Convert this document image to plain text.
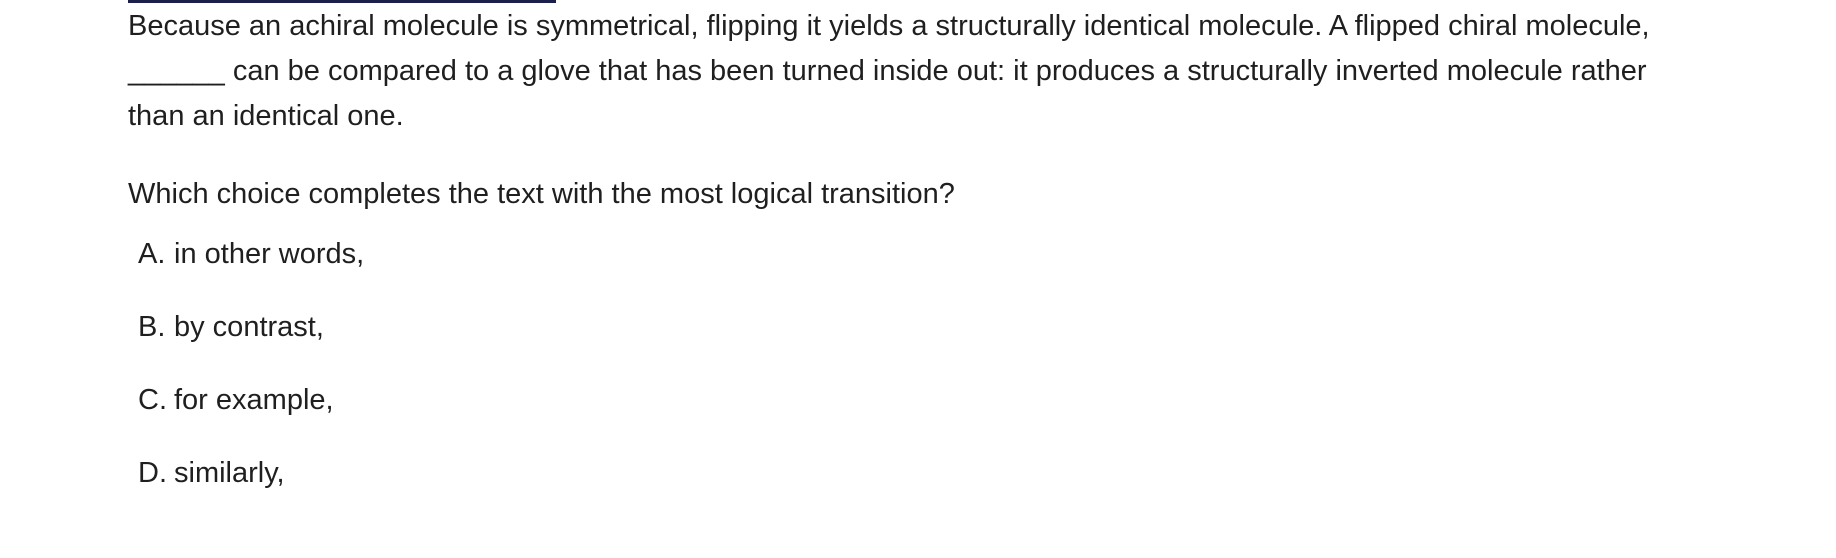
Because an achiral molecule is symmetrical, flipping it yields a structurally identical molecule. A flipped chiral molecule, ______ can be compared to a glove that has been turned inside out: it produces a structurally inverted molecule rather than an identical one.

Which choice completes the text with the most logical transition?

A. in other words,
B. by contrast,
C. for example,
D. similarly,
